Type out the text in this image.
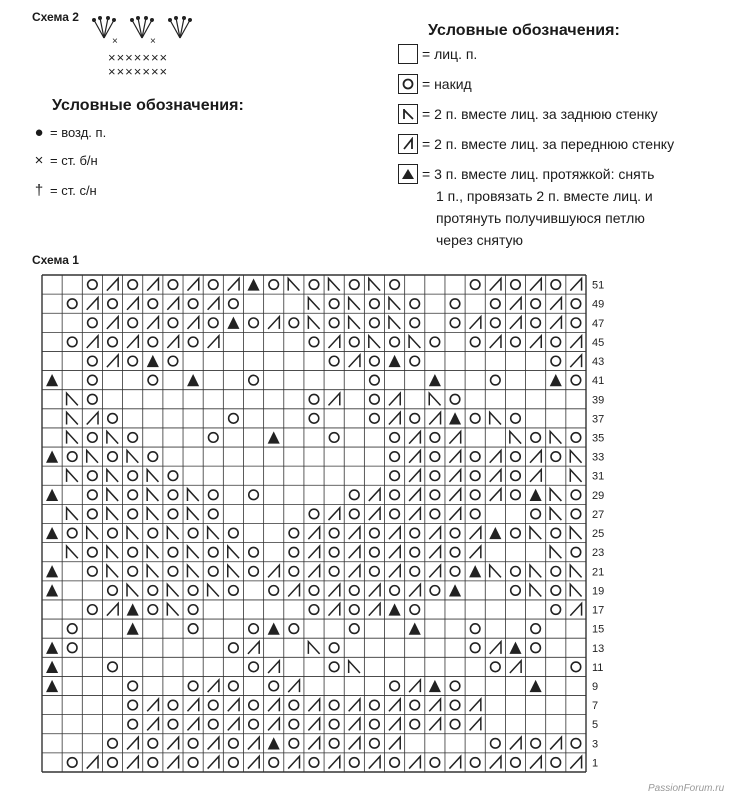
Схема 2
×	×
×××××××
×××××××
Условные обозначения:
● = возд. п.
× = ст. б/н
† = ст. с/н
Условные обозначения:
= лиц. п.
= накид
= 2 п. вместе лиц. за заднюю стенку
= 2 п. вместе лиц. за переднюю стенку
= 3 п. вместе лиц. протяжкой: снять
1 п., провязать 2 п. вместе лиц. и
протянуть получившуюся петлю
через снятую
Схема 1
51
49
47
45
43
41
39
37
35
33
31
29
27
25
23
21
19
17
15
13
11
9
7
5
3
1
PassionForum.ru
